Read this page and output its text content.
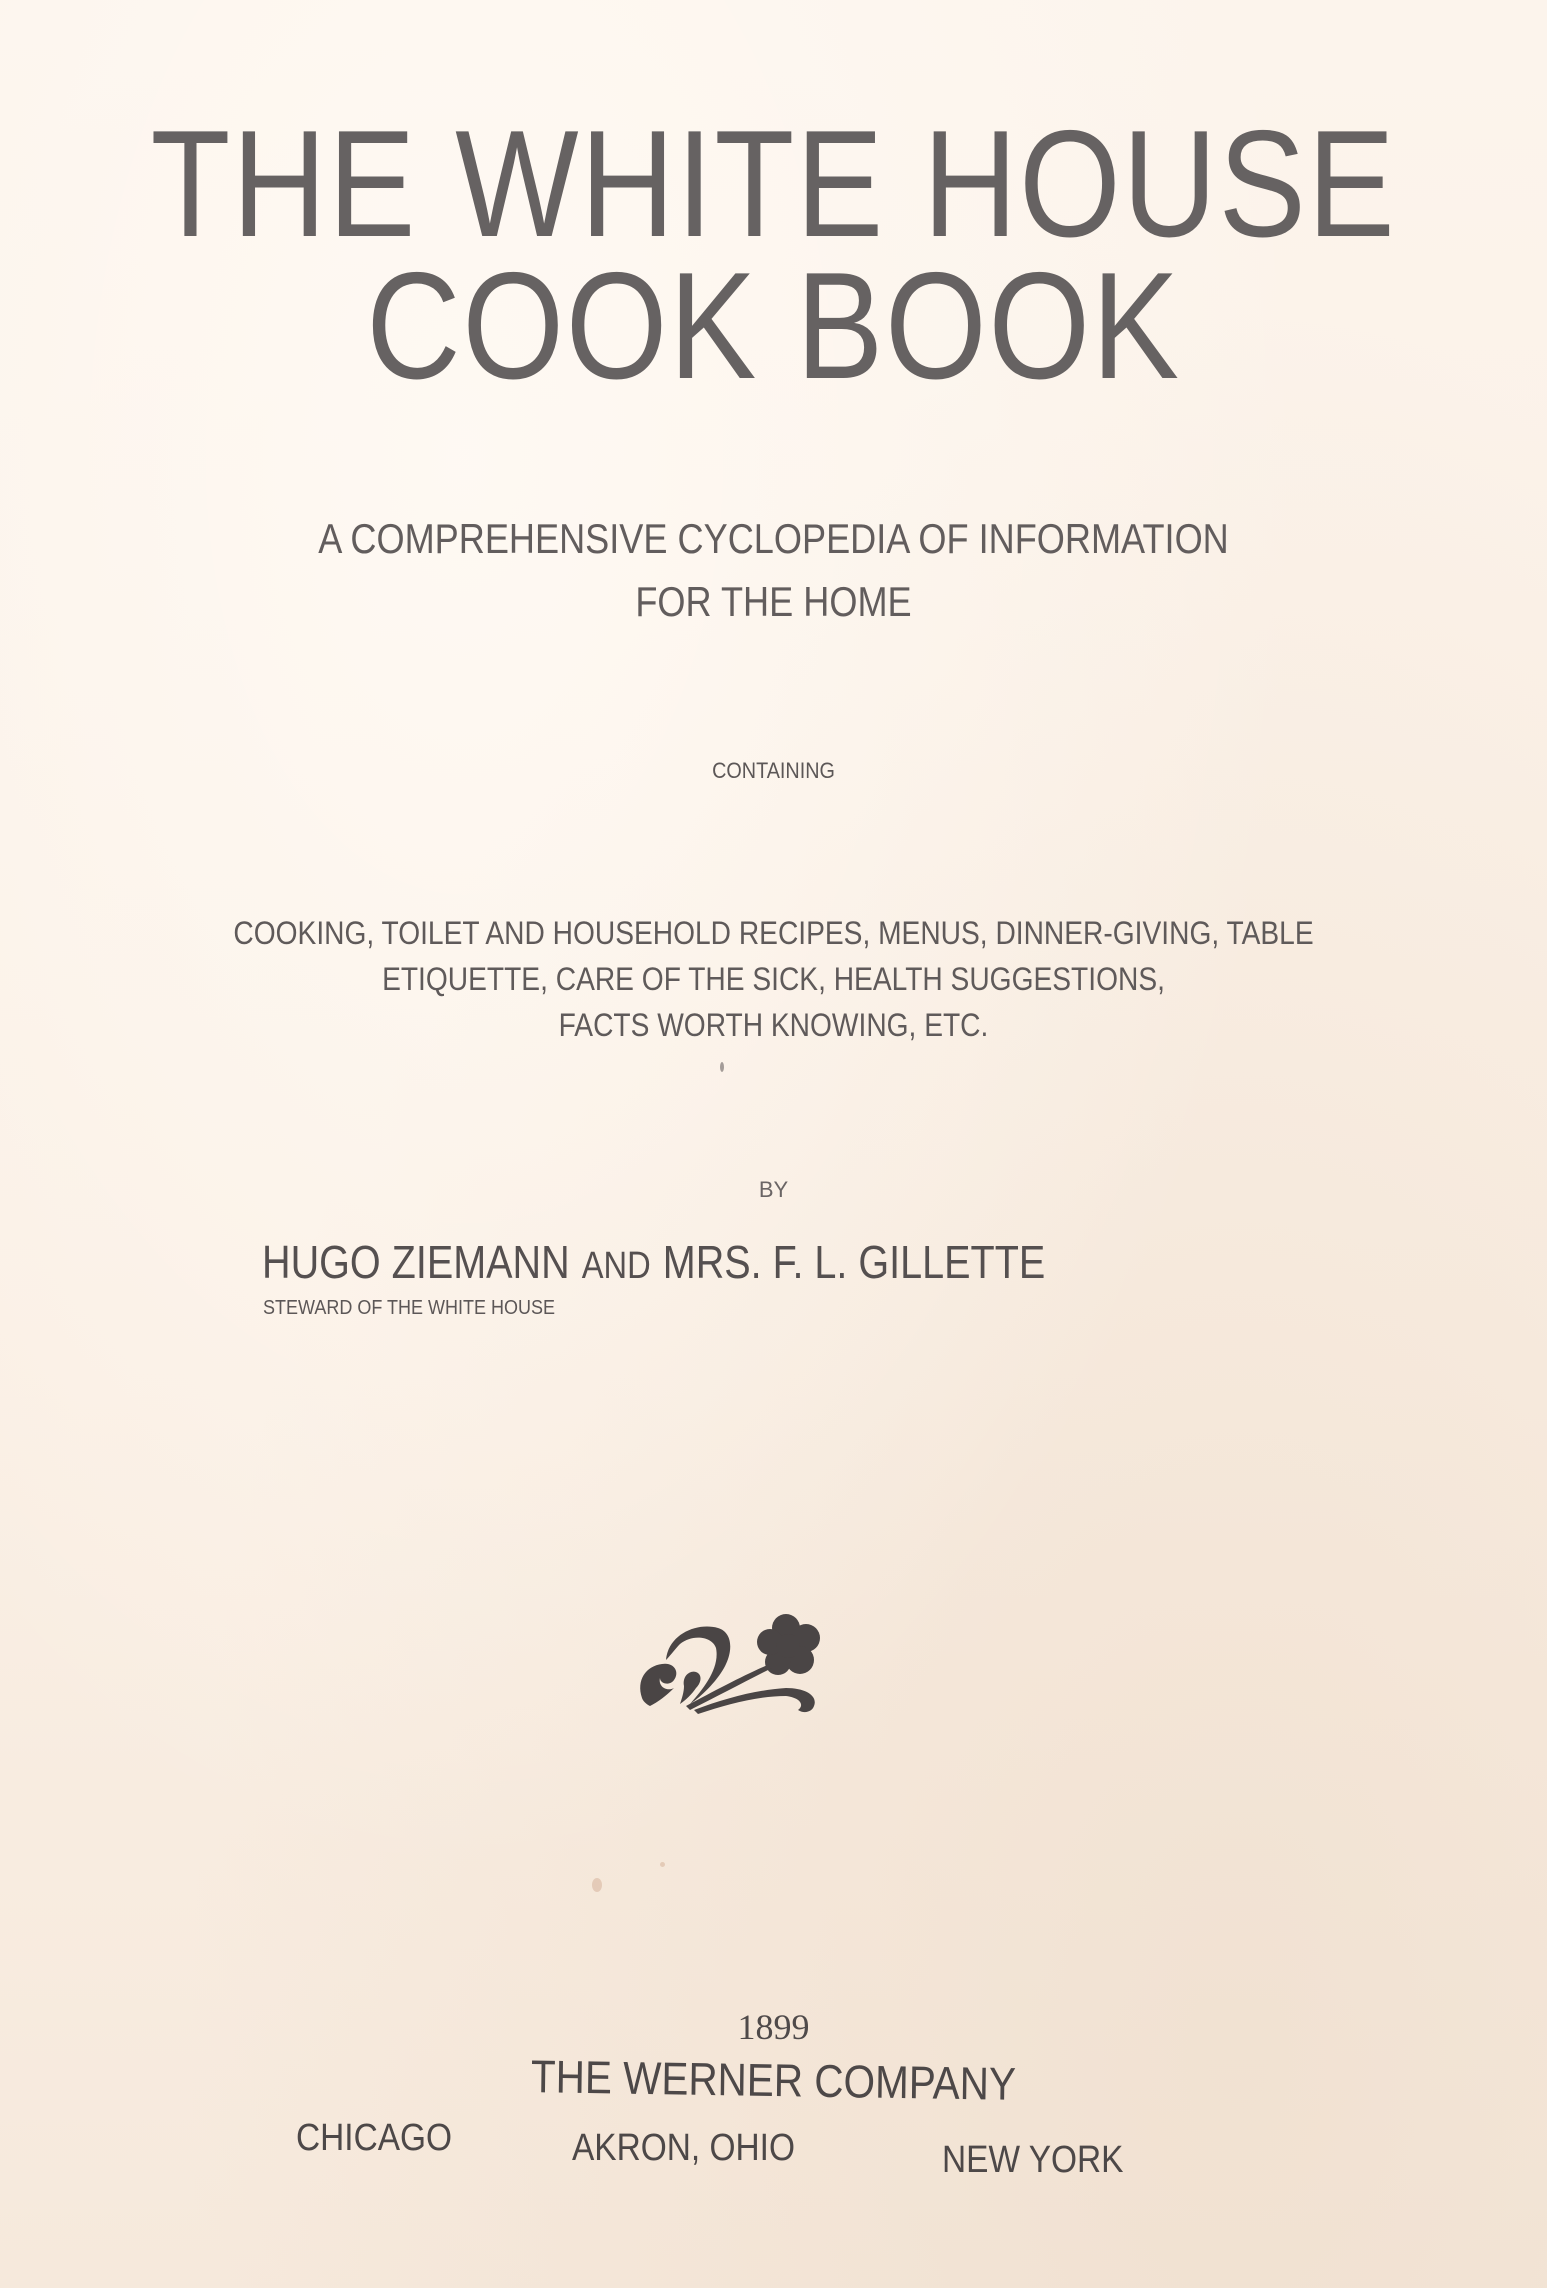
THE WHITE HOUSE
COOK BOOK
A COMPREHENSIVE CYCLOPEDIA OF INFORMATION
FOR THE HOME
CONTAINING
COOKING, TOILET AND HOUSEHOLD RECIPES, MENUS, DINNER-GIVING, TABLE
ETIQUETTE, CARE OF THE SICK, HEALTH SUGGESTIONS,
FACTS WORTH KNOWING, ETC.
BY
HUGO ZIEMANN AND MRS. F. L. GILLETTE
STEWARD OF THE WHITE HOUSE
1899
THE WERNER COMPANY
CHICAGO	AKRON, OHIO	NEW YORK
